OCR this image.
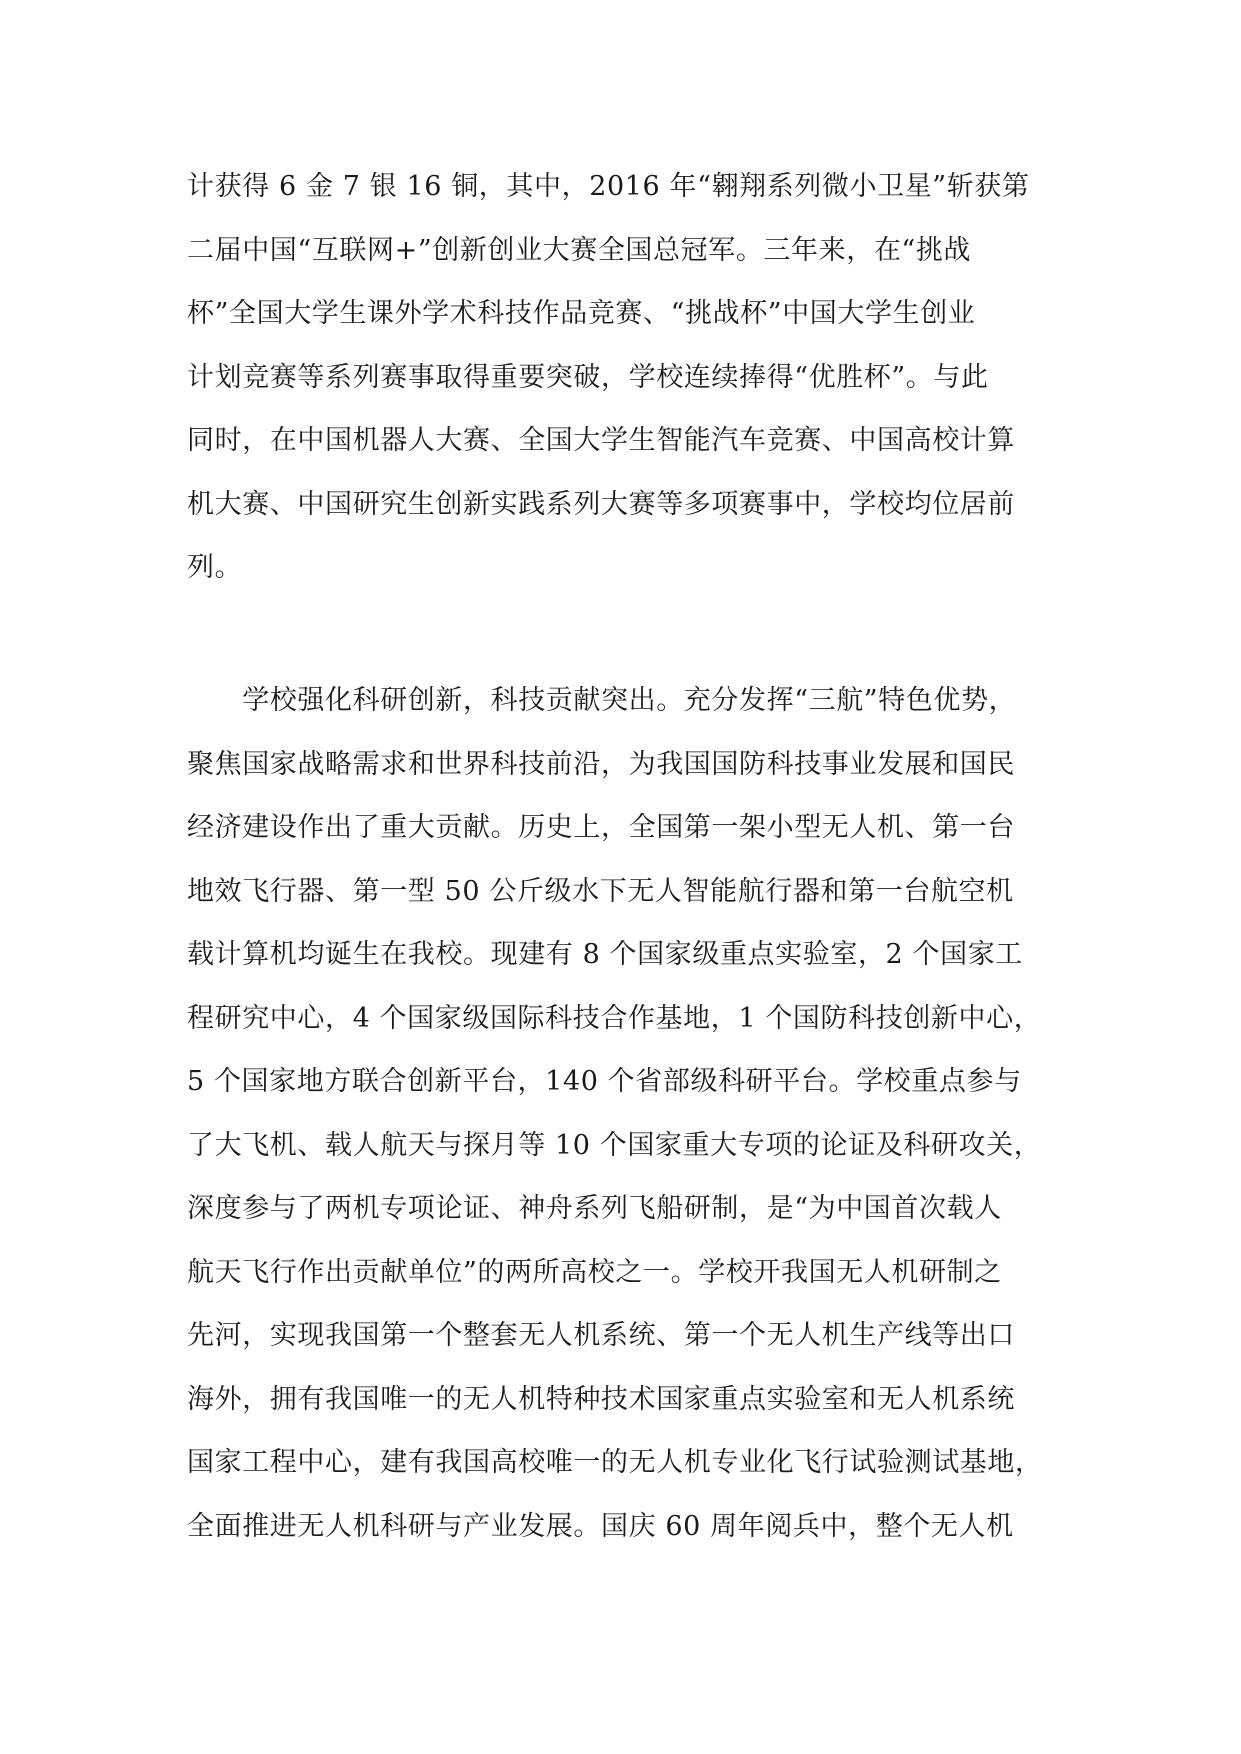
计获得 6 金 7 银 16 铜，其中，2016 年“翱翔系列微小卫星”斩获第
二届中国“互联网+”创新创业大赛全国总冠军。三年来，在“挑战
杯”全国大学生课外学术科技作品竞赛、“挑战杯”中国大学生创业
计划竞赛等系列赛事取得重要突破，学校连续捧得“优胜杯”。与此
同时，在中国机器人大赛、全国大学生智能汽车竞赛、中国高校计算
机大赛、中国研究生创新实践系列大赛等多项赛事中，学校均位居前
列。
　　学校强化科研创新，科技贡献突出。充分发挥“三航”特色优势，
聚焦国家战略需求和世界科技前沿，为我国国防科技事业发展和国民
经济建设作出了重大贡献。历史上，全国第一架小型无人机、第一台
地效飞行器、第一型 50 公斤级水下无人智能航行器和第一台航空机
载计算机均诞生在我校。现建有 8 个国家级重点实验室，2 个国家工
程研究中心，4 个国家级国际科技合作基地，1 个国防科技创新中心，
5 个国家地方联合创新平台，140 个省部级科研平台。学校重点参与
了大飞机、载人航天与探月等 10 个国家重大专项的论证及科研攻关，
深度参与了两机专项论证、神舟系列飞船研制，是“为中国首次载人
航天飞行作出贡献单位”的两所高校之一。学校开我国无人机研制之
先河，实现我国第一个整套无人机系统、第一个无人机生产线等出口
海外，拥有我国唯一的无人机特种技术国家重点实验室和无人机系统
国家工程中心，建有我国高校唯一的无人机专业化飞行试验测试基地，
全面推进无人机科研与产业发展。国庆 60 周年阅兵中，整个无人机
